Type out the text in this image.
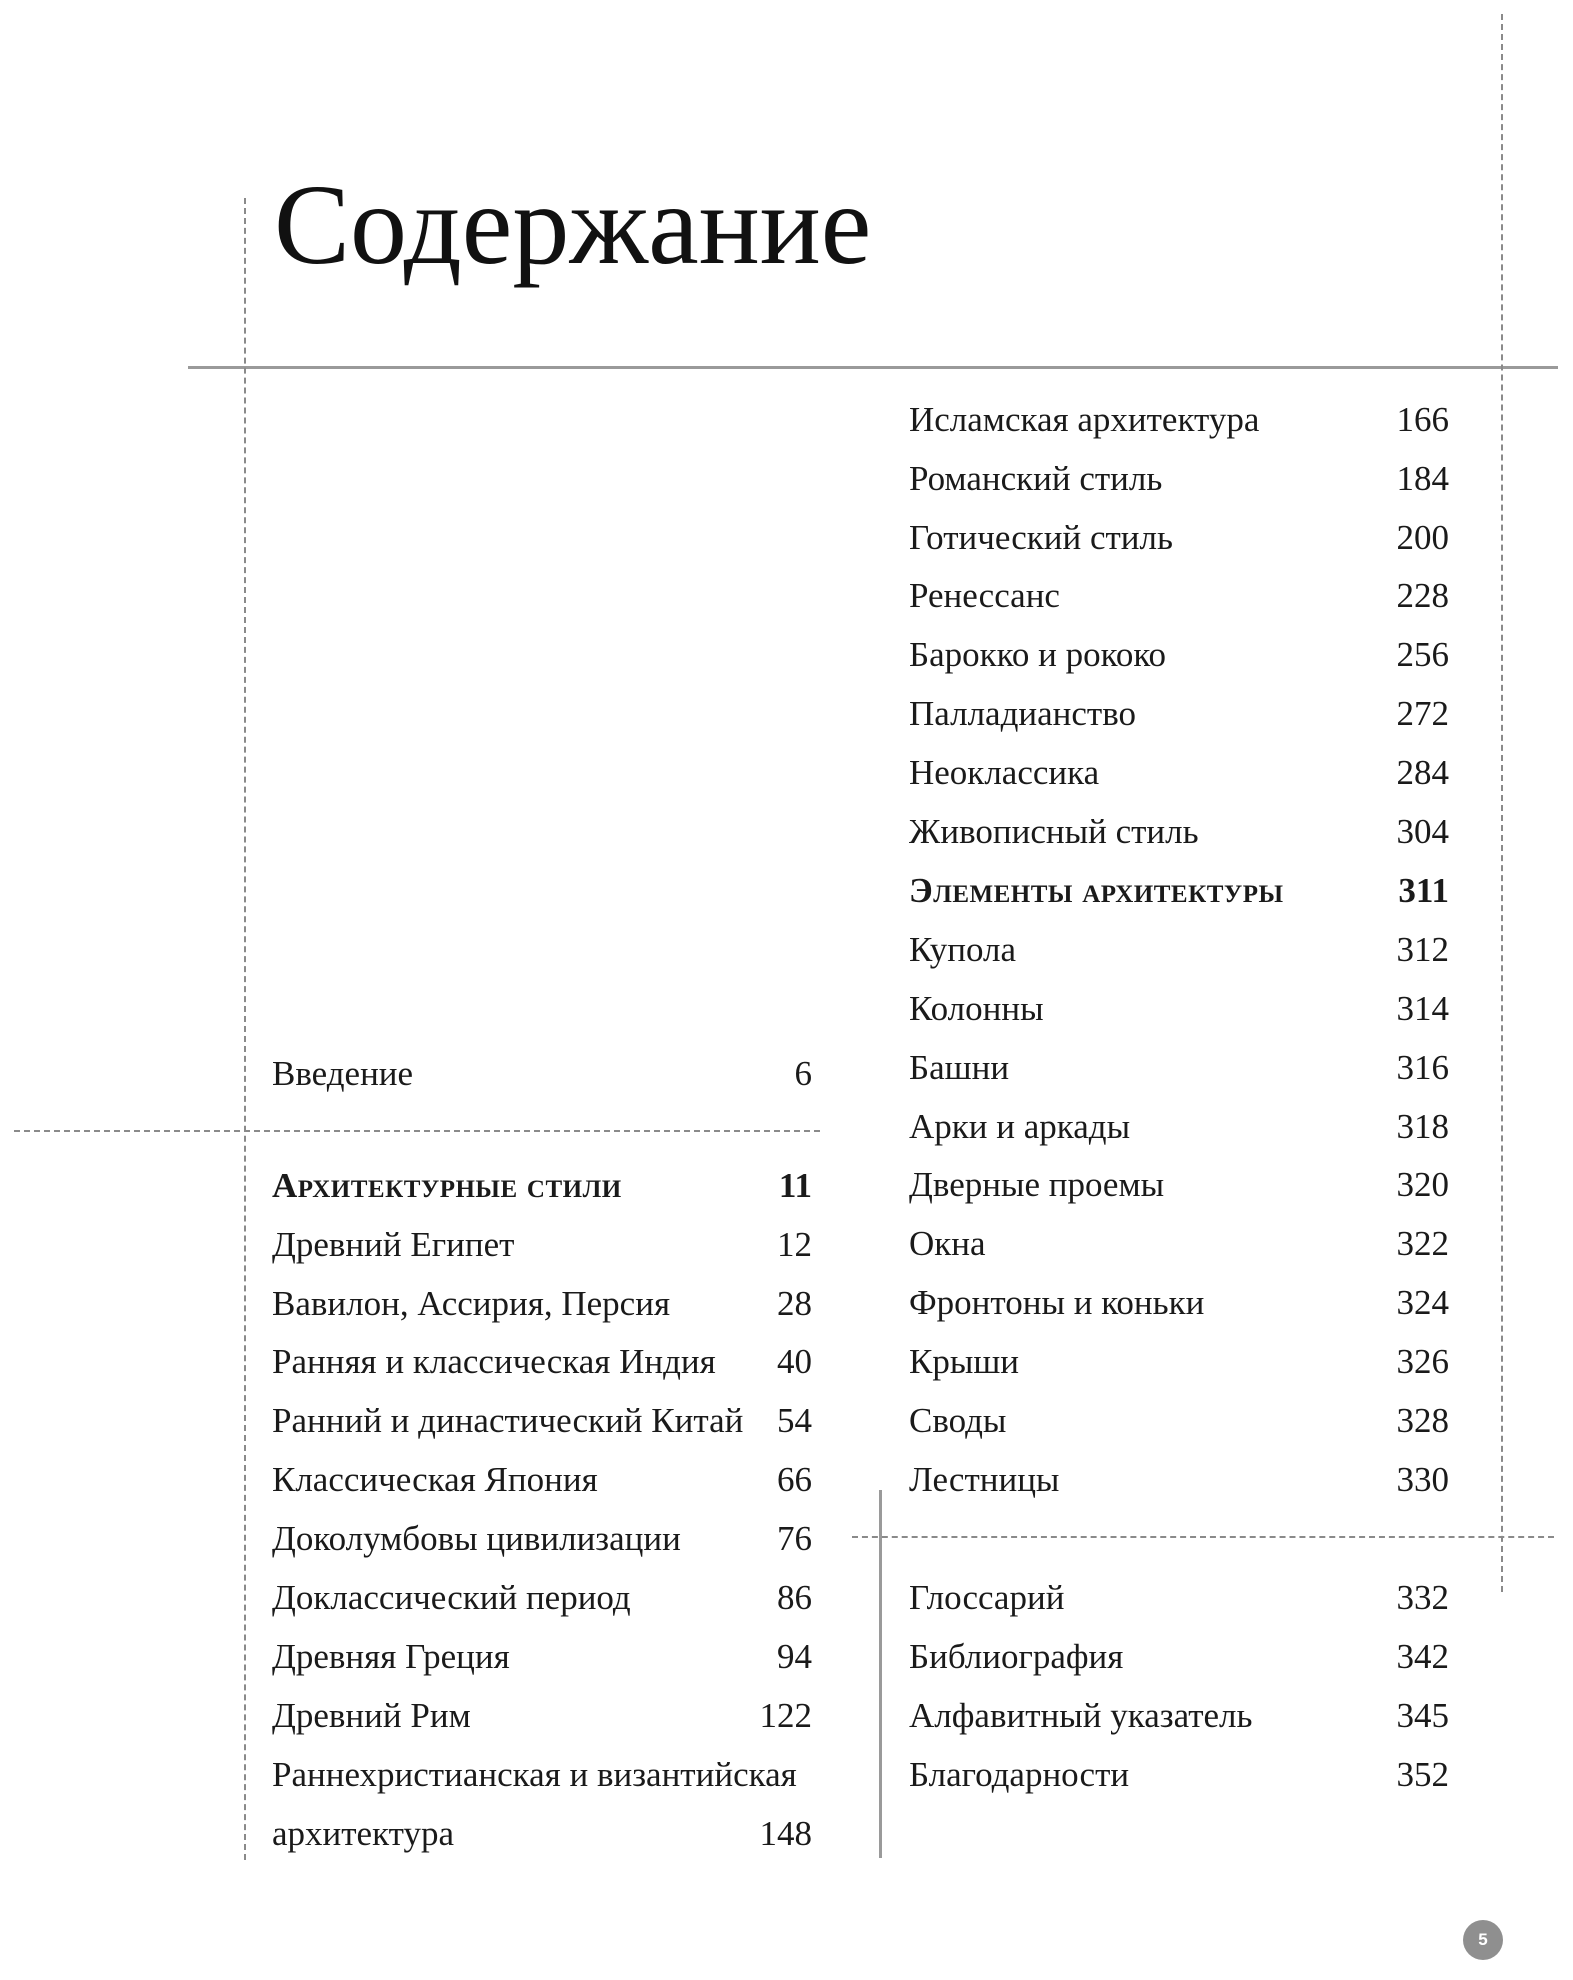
Содержание
Введение	6
Архитектурные стили	11
Древний Египет	12
Вавилон, Ассирия, Персия	28
Ранняя и классическая Индия 40
Ранний и династический Китай 54
Классическая Япония	66
Доколумбовы цивилизации	76
Доклассический период	86
Древняя Греция	94
Древний Рим	122
Раннехристианская и византийская
архитектура	148
Исламская архитектура	166
Романский стиль	184
Готический стиль	200
Ренессанс	228
Барокко и рококо	256
Палладианство	272
Неоклассика	284
Живописный стиль	304
Элементы архитектуры	311
Купола	312
Колонны	314
Башни	316
Арки и аркады	318
Дверные проемы	320
Окна	322
Фронтоны и коньки	324
Крыши	326
Своды	328
Лестницы	330
Глоссарий	332
Библиография	342
Алфавитный указатель	345
Благодарности	352
5
